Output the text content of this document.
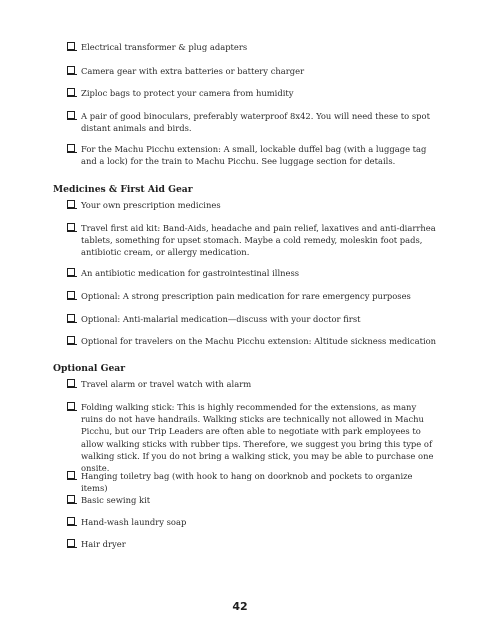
Electrical transformer & plug adapters
Camera gear with extra batteries or battery charger
Ziploc bags to protect your camera from humidity
A pair of good binoculars, preferably waterproof 8x42. You will need these to spot distant animals and birds.
For the Machu Picchu extension: A small, lockable duffel bag (with a luggage tag and a lock) for the train to Machu Picchu. See luggage section for details.
Medicines & First Aid Gear
Your own prescription medicines
Travel first aid kit: Band-Aids, headache and pain relief, laxatives and anti-diarrhea tablets, something for upset stomach. Maybe a cold remedy, moleskin foot pads, antibiotic cream, or allergy medication.
An antibiotic medication for gastrointestinal illness
Optional: A strong prescription pain medication for rare emergency purposes
Optional: Anti-malarial medication—discuss with your doctor first
Optional for travelers on the Machu Picchu extension: Altitude sickness medication
Optional Gear
Travel alarm or travel watch with alarm
Folding walking stick: This is highly recommended for the extensions, as many ruins do not have handrails. Walking sticks are technically not allowed in Machu Picchu, but our Trip Leaders are often able to negotiate with park employees to allow walking sticks with rubber tips. Therefore, we suggest you bring this type of walking stick. If you do not bring a walking stick, you may be able to purchase one onsite.
Hanging toiletry bag (with hook to hang on doorknob and pockets to organize items)
Basic sewing kit
Hand-wash laundry soap
Hair dryer
42
